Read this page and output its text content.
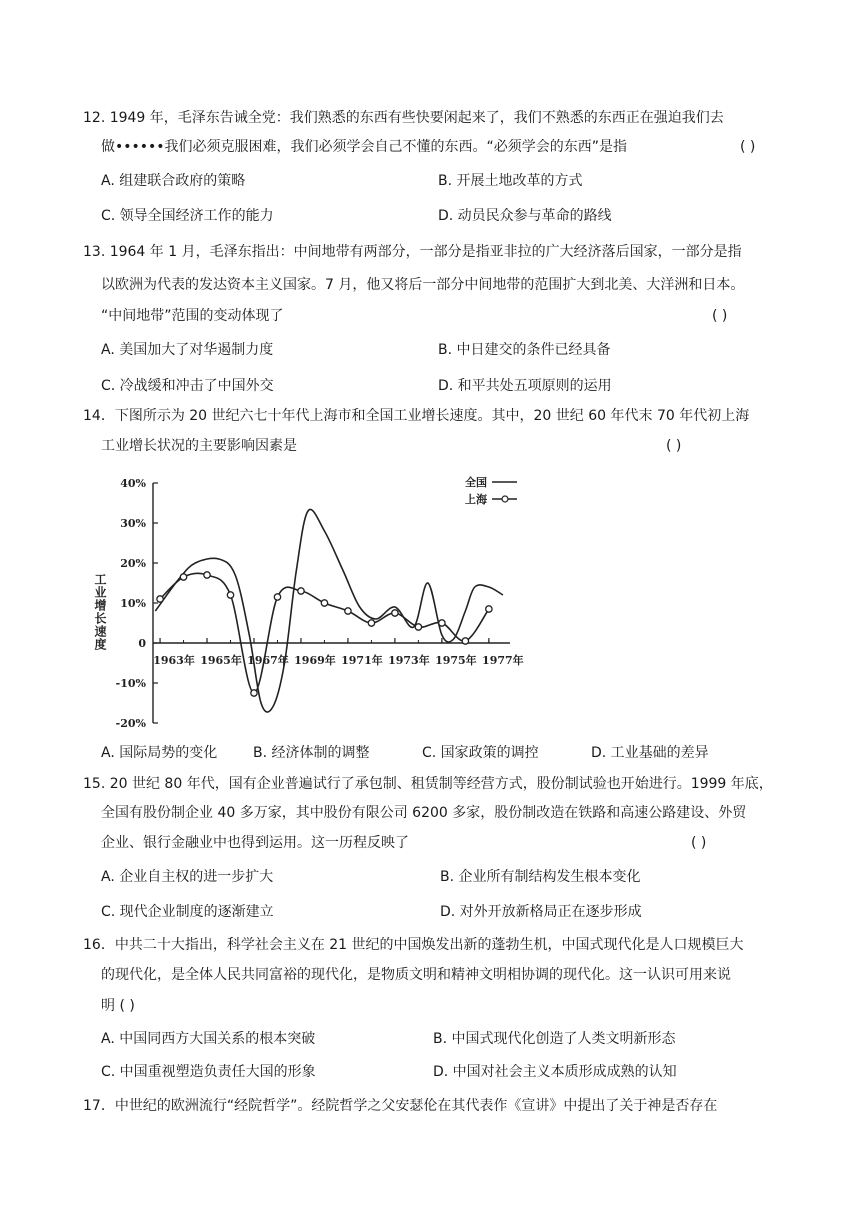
12. 1949 年，毛泽东告诫全党：我们熟悉的东西有些快要闲起来了，我们不熟悉的东西正在强迫我们去
做••••••我们必须克服困难，我们必须学会自己不懂的东西。“必须学会的东西”是指	( )
A. 组建联合政府的策略	B. 开展土地改革的方式
C. 领导全国经济工作的能力	D. 动员民众参与革命的路线
13. 1964 年 1 月，毛泽东指出：中间地带有两部分，一部分是指亚非拉的广大经济落后国家，一部分是指
以欧洲为代表的发达资本主义国家。7 月，他又将后一部分中间地带的范围扩大到北美、大洋洲和日本。
“中间地带”范围的变动体现了	( )
A. 美国加大了对华遏制力度	B. 中日建交的条件已经具备
C. 冷战缓和冲击了中国外交	D. 和平共处五项原则的运用
14．下图所示为 20 世纪六七十年代上海市和全国工业增长速度。其中，20 世纪 60 年代末 70 年代初上海
工业增长状况的主要影响因素是	( )
40%
30%
20%
10%
0
-10%
-20%
1963年 1965年 1967年 1969年 1971年 1973年 1975年 1977年
工业增长速度
全国
上海
A. 国际局势的变化	B. 经济体制的调整	C. 国家政策的调控	D. 工业基础的差异
15. 20 世纪 80 年代，国有企业普遍试行了承包制、租赁制等经营方式，股份制试验也开始进行。1999 年底，
全国有股份制企业 40 多万家，其中股份有限公司 6200 多家，股份制改造在铁路和高速公路建设、外贸
企业、银行金融业中也得到运用。这一历程反映了	( )
A. 企业自主权的进一步扩大	B. 企业所有制结构发生根本变化
C. 现代企业制度的逐渐建立	D. 对外开放新格局正在逐步形成
16．中共二十大指出，科学社会主义在 21 世纪的中国焕发出新的蓬勃生机，中国式现代化是人口规模巨大
的现代化，是全体人民共同富裕的现代化，是物质文明和精神文明相协调的现代化。这一认识可用来说
明 ( )
A. 中国同西方大国关系的根本突破	B. 中国式现代化创造了人类文明新形态
C. 中国重视塑造负责任大国的形象	D. 中国对社会主义本质形成成熟的认知
17．中世纪的欧洲流行“经院哲学”。经院哲学之父安瑟伦在其代表作《宣讲》中提出了关于神是否存在
